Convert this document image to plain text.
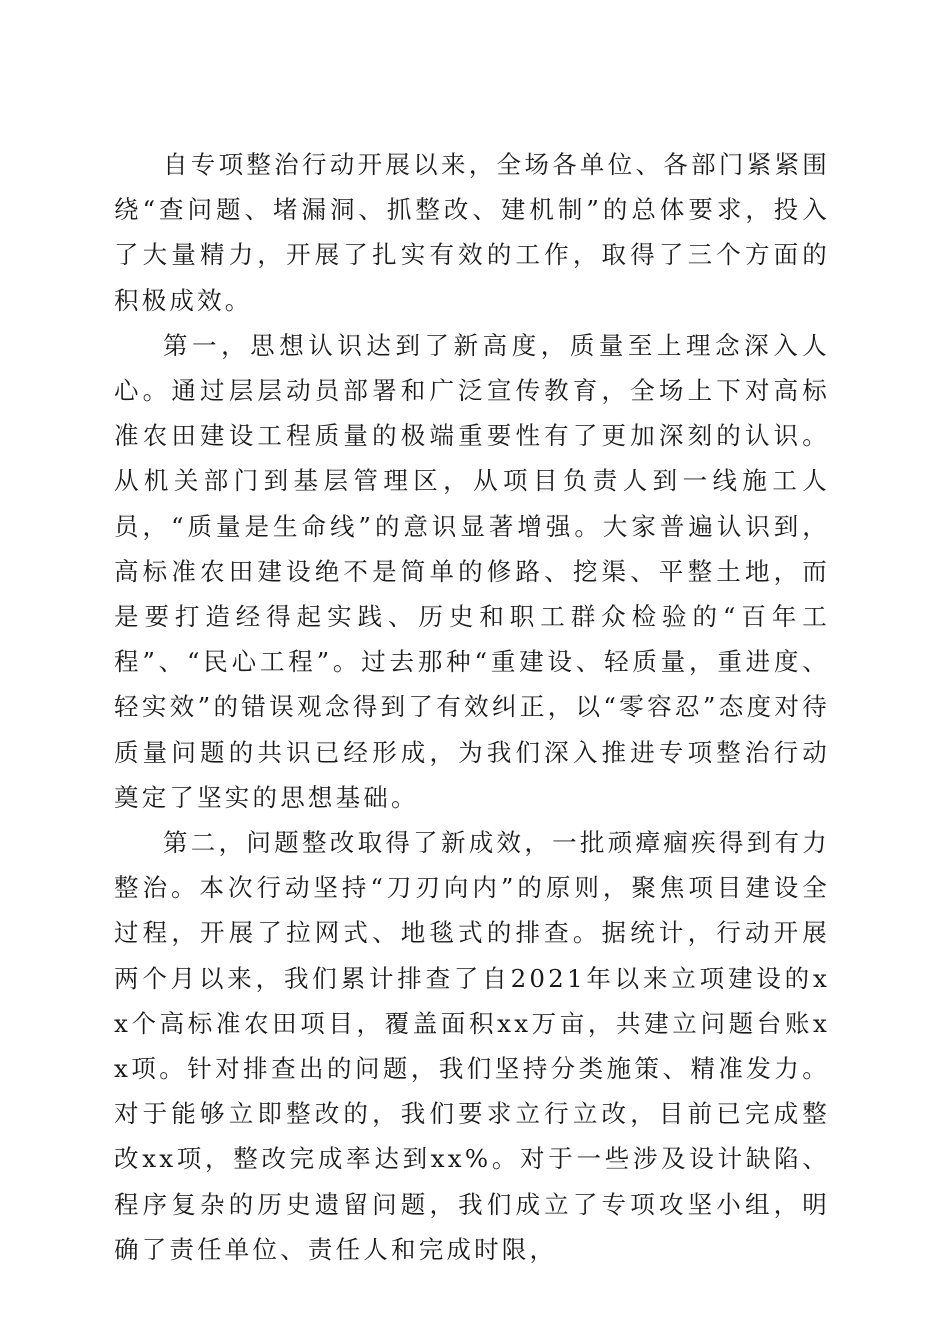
自专项整治行动开展以来，全场各单位、各部门紧紧围绕“查问题、堵漏洞、抓整改、建机制”的总体要求，投入了大量精力，开展了扎实有效的工作，取得了三个方面的积极成效。

第一，思想认识达到了新高度，质量至上理念深入人心。通过层层动员部署和广泛宣传教育，全场上下对高标准农田建设工程质量的极端重要性有了更加深刻的认识。从机关部门到基层管理区，从项目负责人到一线施工人员，“质量是生命线”的意识显著增强。大家普遍认识到，高标准农田建设绝不是简单的修路、挖渠、平整土地，而是要打造经得起实践、历史和职工群众检验的“百年工程”、“民心工程”。过去那种“重建设、轻质量，重进度、轻实效”的错误观念得到了有效纠正，以“零容忍”态度对待质量问题的共识已经形成，为我们深入推进专项整治行动奠定了坚实的思想基础。

第二，问题整改取得了新成效，一批顽瘴痼疾得到有力整治。本次行动坚持“刀刃向内”的原则，聚焦项目建设全过程，开展了拉网式、地毯式的排查。据统计，行动开展两个月以来，我们累计排查了自2021年以来立项建设的xx个高标准农田项目，覆盖面积xx万亩，共建立问题台账xx项。针对排查出的问题，我们坚持分类施策、精准发力。对于能够立即整改的，我们要求立行立改，目前已完成整改xx项，整改完成率达到xx%。对于一些涉及设计缺陷、程序复杂的历史遗留问题，我们成立了专项攻坚小组，明确了责任单位、责任人和完成时限，
